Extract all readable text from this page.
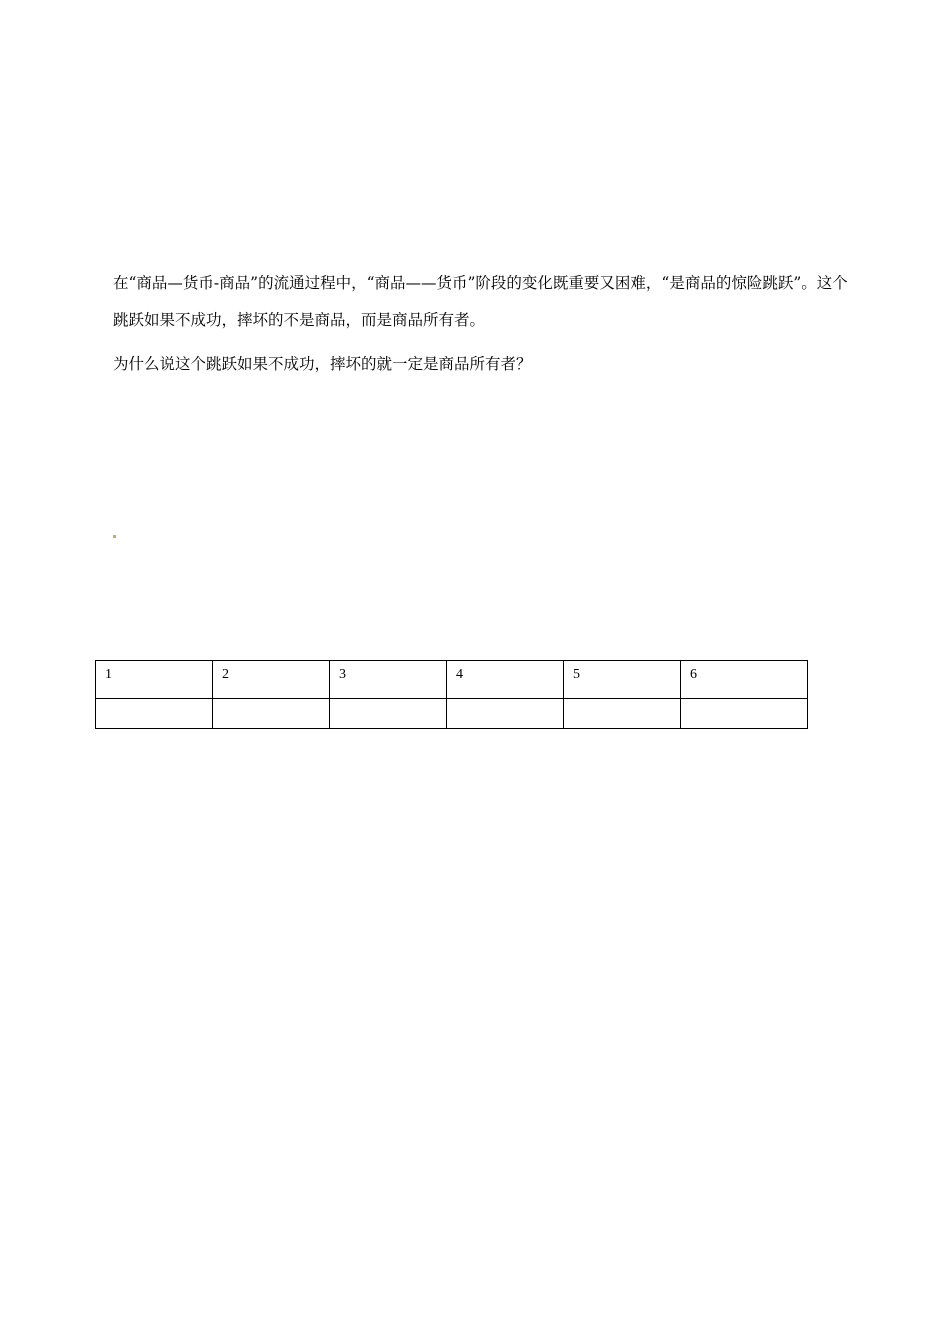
在“商品—货币-商品”的流通过程中，“商品——货币”阶段的变化既重要又困难，“是商品的惊险跳跃”。这个跳跃如果不成功，摔坏的不是商品，而是商品所有者。

为什么说这个跳跃如果不成功，摔坏的就一定是商品所有者？

1	2	3	4	5	6
